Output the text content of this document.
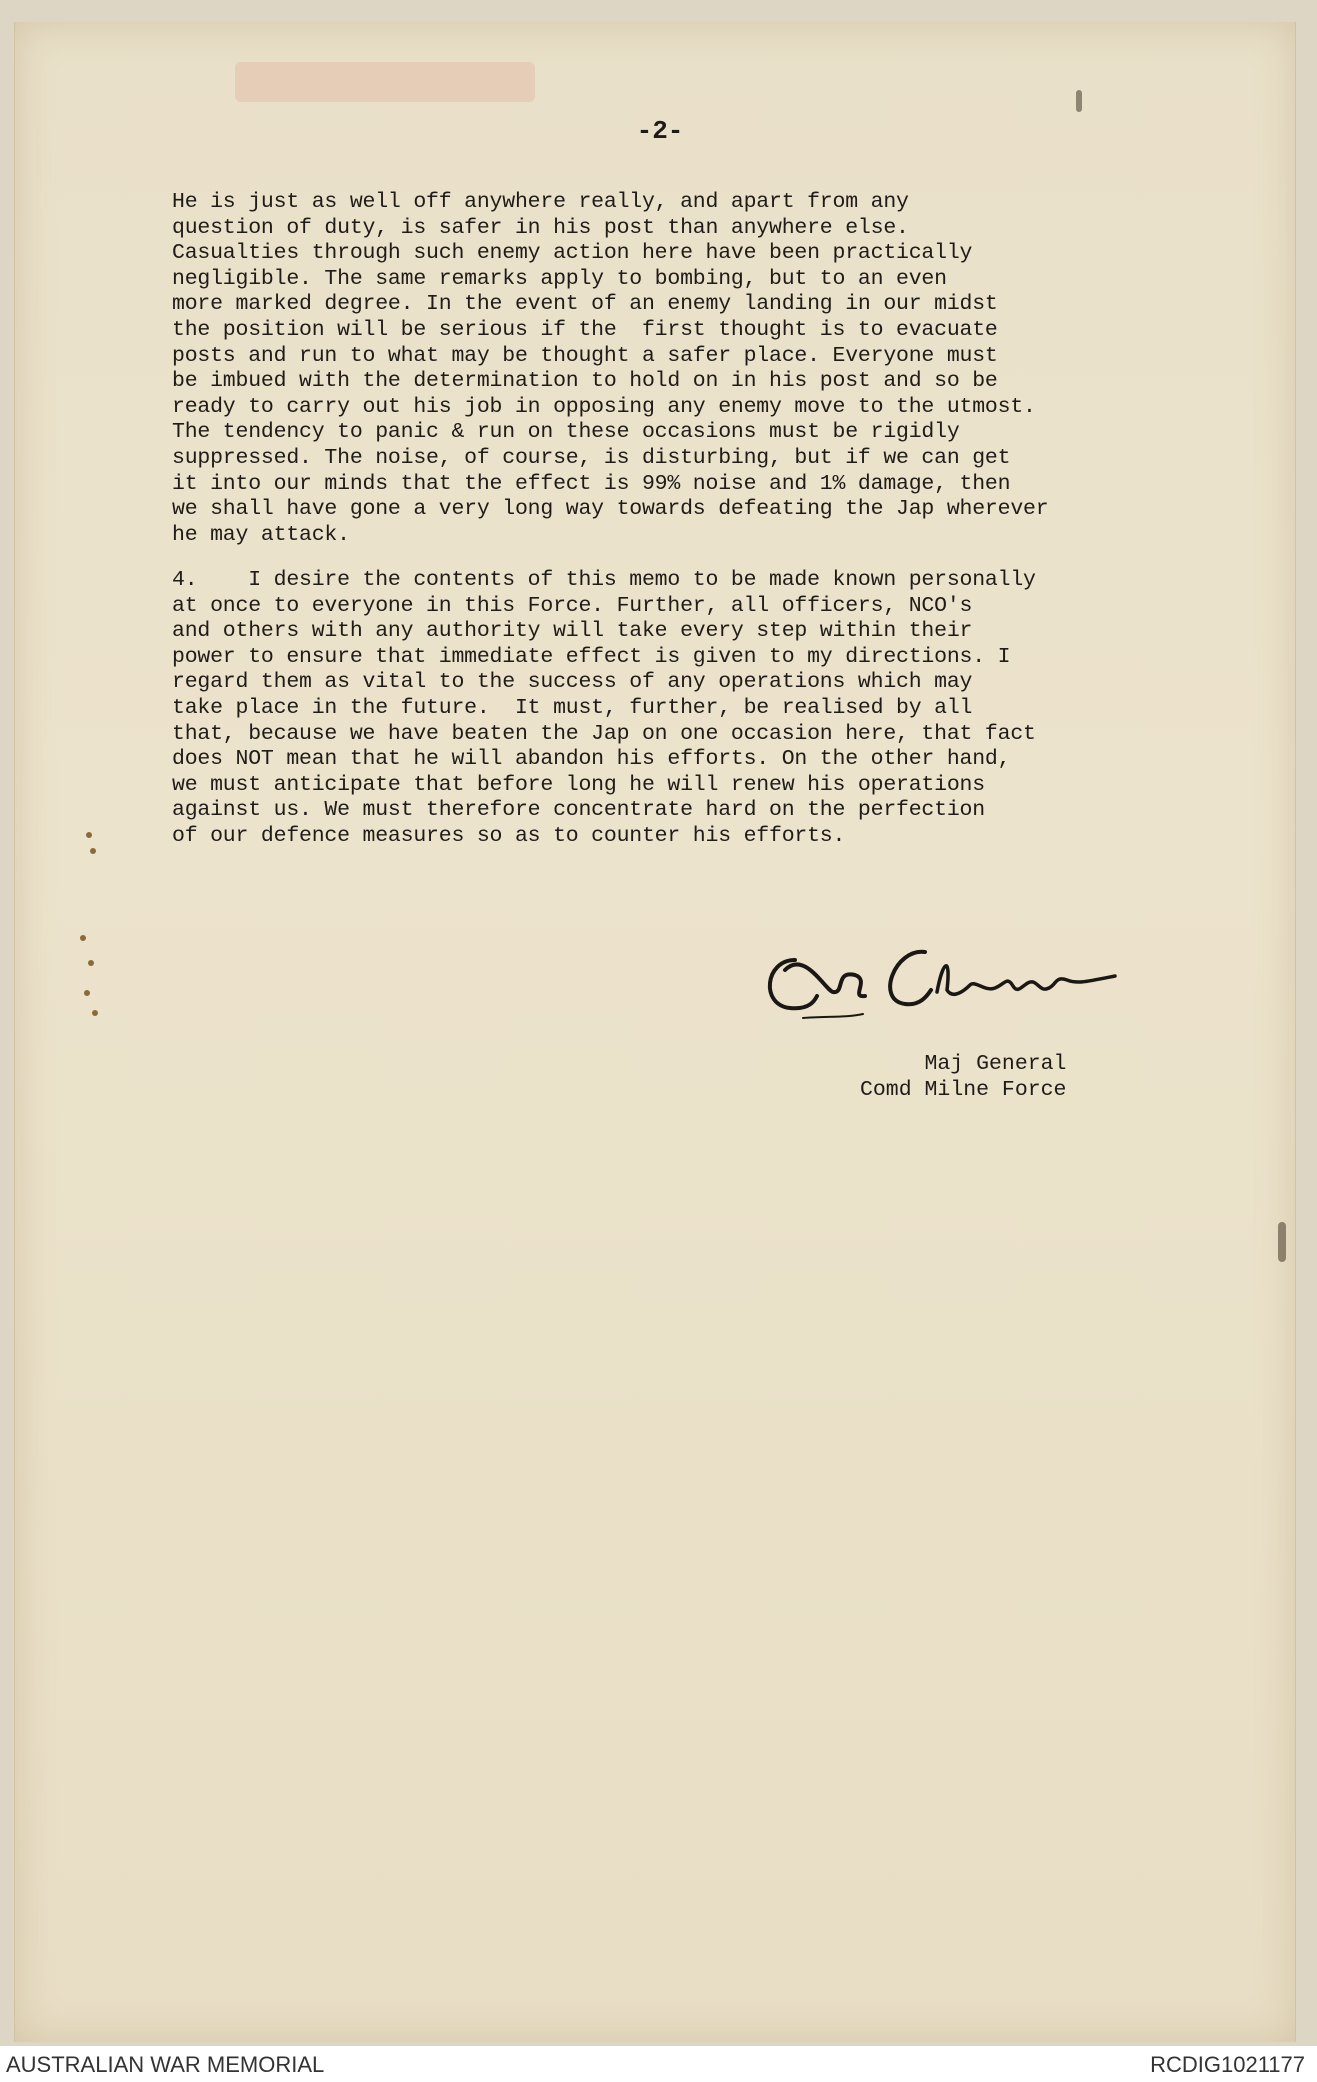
-2-
He is just as well off anywhere really, and apart from any
question of duty, is safer in his post than anywhere else.
Casualties through such enemy action here have been practically
negligible. The same remarks apply to bombing, but to an even
more marked degree. In the event of an enemy landing in our midst
the position will be serious if the  first thought is to evacuate
posts and run to what may be thought a safer place. Everyone must
be imbued with the determination to hold on in his post and so be
ready to carry out his job in opposing any enemy move to the utmost.
The tendency to panic & run on these occasions must be rigidly
suppressed. The noise, of course, is disturbing, but if we can get
it into our minds that the effect is 99% noise and 1% damage, then
we shall have gone a very long way towards defeating the Jap wherever
he may attack.
4.    I desire the contents of this memo to be made known personally
at once to everyone in this Force. Further, all officers, NCO's
and others with any authority will take every step within their
power to ensure that immediate effect is given to my directions. I
regard them as vital to the success of any operations which may
take place in the future.  It must, further, be realised by all
that, because we have beaten the Jap on one occasion here, that fact
does NOT mean that he will abandon his efforts. On the other hand,
we must anticipate that before long he will renew his operations
against us. We must therefore concentrate hard on the perfection
of our defence measures so as to counter his efforts.
Maj General
Comd Milne Force
AUSTRALIAN WAR MEMORIAL	RCDIG1021177
